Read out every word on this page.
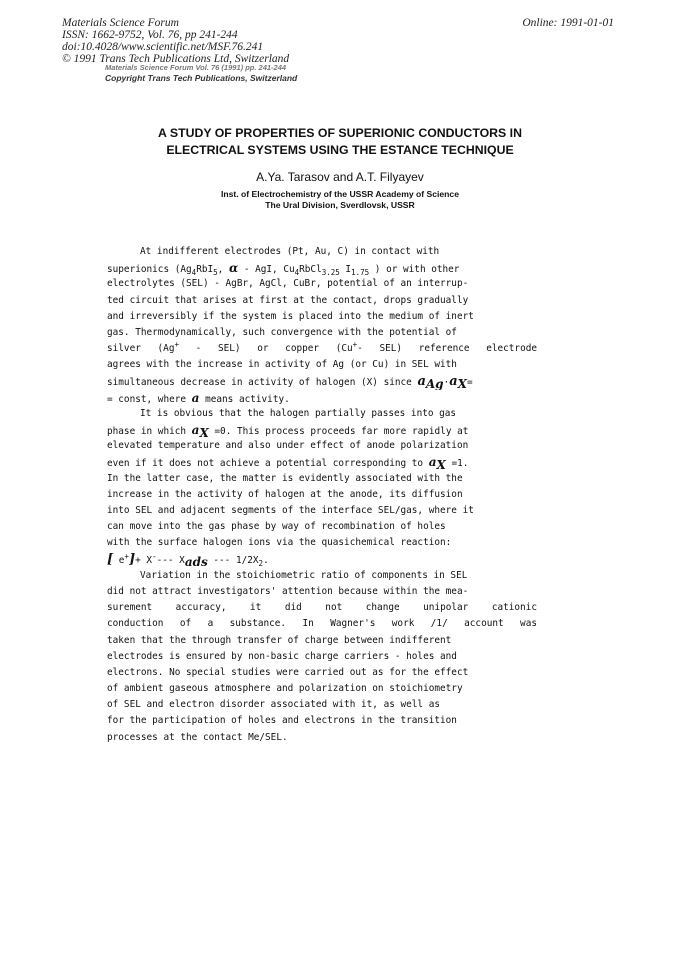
Materials Science Forum
ISSN: 1662-9752, Vol. 76, pp 241-244
doi:10.4028/www.scientific.net/MSF.76.241
© 1991 Trans Tech Publications Ltd, Switzerland
Online: 1991-01-01
Materials Science Forum Vol. 76 (1991) pp. 241-244
Copyright Trans Tech Publications, Switzerland
A STUDY OF PROPERTIES OF SUPERIONIC CONDUCTORS IN
ELECTRICAL SYSTEMS USING THE ESTANCE TECHNIQUE
A.Ya. Tarasov and A.T. Filyayev
Inst. of Electrochemistry of the USSR Academy of Science
The Ural Division, Sverdlovsk, USSR
At indifferent electrodes (Pt, Au, C) in contact with
superionics ($Ag_4RbI_5$, α - AgI, $Cu_4RbCl_{3.25}$ $I_{1.75}$ ) or with other
electrolytes (SEL) - AgBr, AgCl, CuBr, potential of an interrup-
ted circuit that arises at first at the contact, drops gradually
and irreversibly if the system is placed into the medium of inert
gas. Thermodynamically, such convergence with the potential of
silver (Ag+ - SEL) or copper (Cu+- SEL) reference electrode
agrees with the increase in activity of Ag (or Cu) in SEL with
simultaneous decrease in activity of halogen (X) since $a_{Ag}\cdot a_X=$
= const, where a means activity.
It is obvious that the halogen partially passes into gas
phase in which $a_X =0$. This process proceeds far more rapidly at
elevated temperature and also under effect of anode polarization
even if it does not achieve a potential corresponding to $a_X =1$.
In the latter case, the matter is evidently associated with the
increase in the activity of halogen at the anode, its diffusion
into SEL and adjacent segments of the interface SEL/gas, where it
can move into the gas phase by way of recombination of holes
with the surface halogen ions via the quasichemical reaction:
[ e+]+ X---- $X_{ads}$ --- $1/2X_2$.
Variation in the stoichiometric ratio of components in SEL
did not attract investigators' attention because within the mea-
surement accuracy, it did not change unipolar cationic
conduction of a substance. In Wagner's work /1/ account was
taken that the through transfer of charge between indifferent
electrodes is ensured by non-basic charge carriers - holes and
electrons. No special studies were carried out as for the effect
of ambient gaseous atmosphere and polarization on stoichiometry
of SEL and electron disorder associated with it, as well as
for the participation of holes and electrons in the transition
processes at the contact Me/SEL.
